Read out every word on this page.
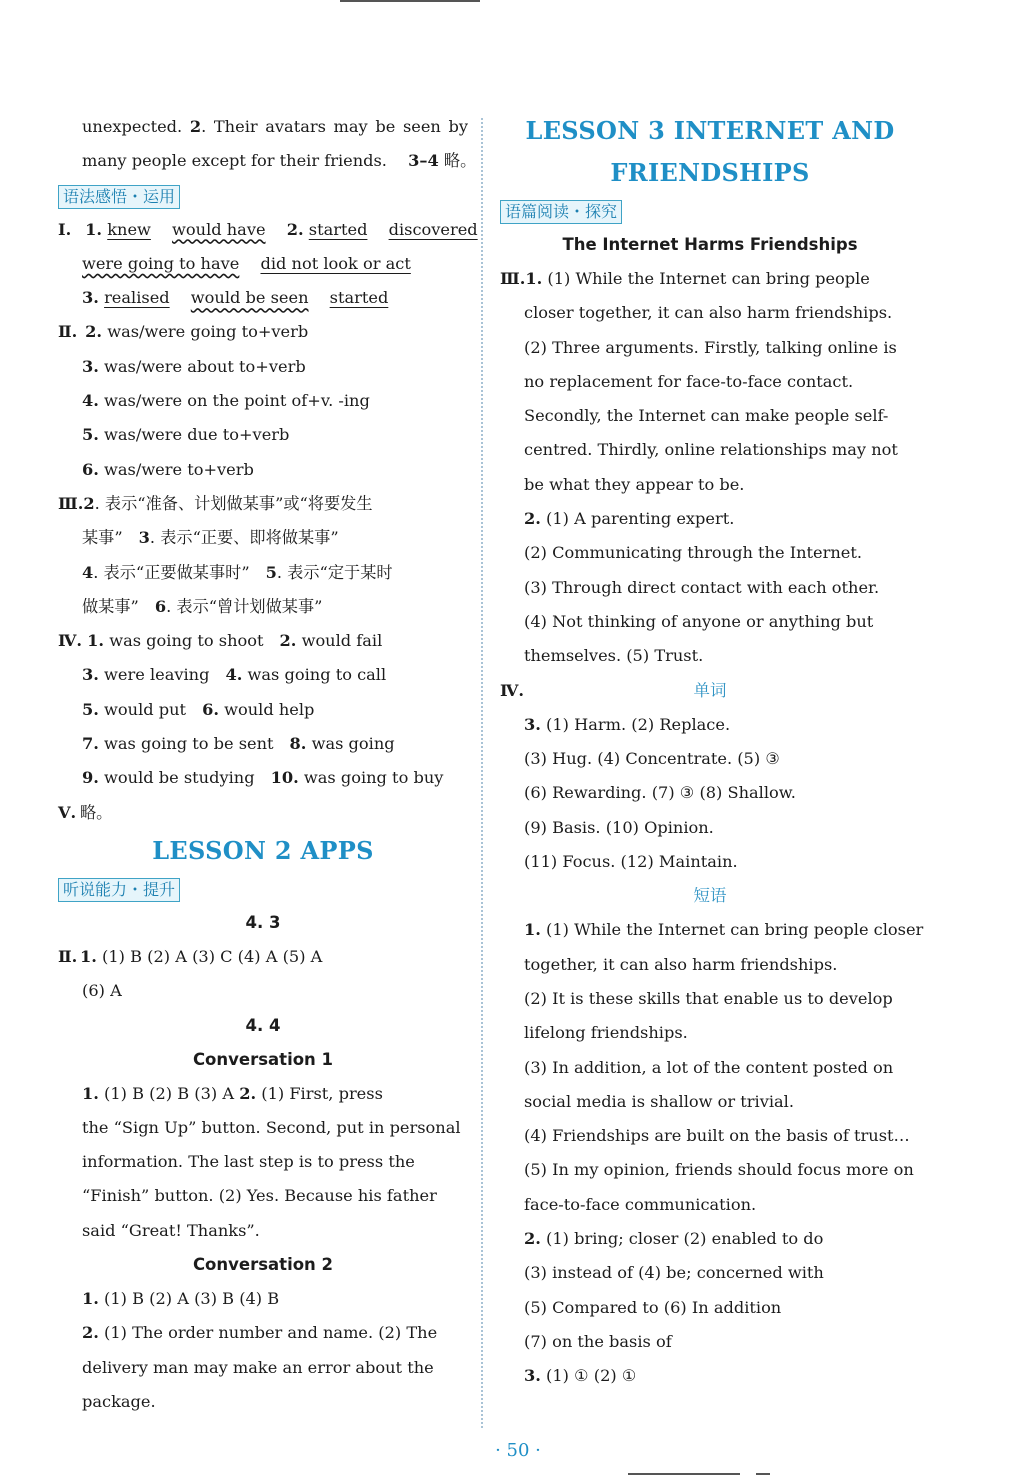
unexpected. 2. Their avatars may be seen by
many people except for their friends. 3–4 略。
语法感悟・运用
Ⅰ. 1. knew would have 2. started discovered
were going to have did not look or act
3. realised would be seen started
Ⅱ. 2. was/were going to+verb
3. was/were about to+verb
4. was/were on the point of+v. -ing
5. was/were due to+verb
6. was/were to+verb
Ⅲ.2. 表示“准备、计划做某事”或“将要发生
某事” 3. 表示“正要、即将做某事”
4. 表示“正要做某事时” 5. 表示“定于某时
做某事” 6. 表示“曾计划做某事”
Ⅳ. 1. was going to shoot 2. would fail
3. were leaving 4. was going to call
5. would put 6. would help
7. was going to be sent 8. was going
9. would be studying 10. was going to buy
Ⅴ. 略。
LESSON 2 APPS
听说能力・提升
4. 3
Ⅱ. 1. (1) B (2) A (3) C (4) A (5) A
(6) A
4. 4
Conversation 1
1. (1) B (2) B (3) A 2. (1) First, press
the “Sign Up” button. Second, put in personal
information. The last step is to press the
“Finish” button. (2) Yes. Because his father
said “Great! Thanks”.
Conversation 2
1. (1) B (2) A (3) B (4) B
2. (1) The order number and name. (2) The
delivery man may make an error about the
package.
LESSON 3 INTERNET AND
FRIENDSHIPS
语篇阅读・探究
The Internet Harms Friendships
Ⅲ.1. (1) While the Internet can bring people
closer together, it can also harm friendships.
(2) Three arguments. Firstly, talking online is
no replacement for face-to-face contact.
Secondly, the Internet can make people self-
centred. Thirdly, online relationships may not
be what they appear to be.
2. (1) A parenting expert.
(2) Communicating through the Internet.
(3) Through direct contact with each other.
(4) Not thinking of anyone or anything but
themselves. (5) Trust.
Ⅳ.	单词
3. (1) Harm. (2) Replace.
(3) Hug. (4) Concentrate. (5) ③
(6) Rewarding. (7) ③ (8) Shallow.
(9) Basis. (10) Opinion.
(11) Focus. (12) Maintain.
短语
1. (1) While the Internet can bring people closer
together, it can also harm friendships.
(2) It is these skills that enable us to develop
lifelong friendships.
(3) In addition, a lot of the content posted on
social media is shallow or trivial.
(4) Friendships are built on the basis of trust…
(5) In my opinion, friends should focus more on
face-to-face communication.
2. (1) bring; closer (2) enabled to do
(3) instead of (4) be; concerned with
(5) Compared to (6) In addition
(7) on the basis of
3. (1) ① (2) ①
· 50 ·
